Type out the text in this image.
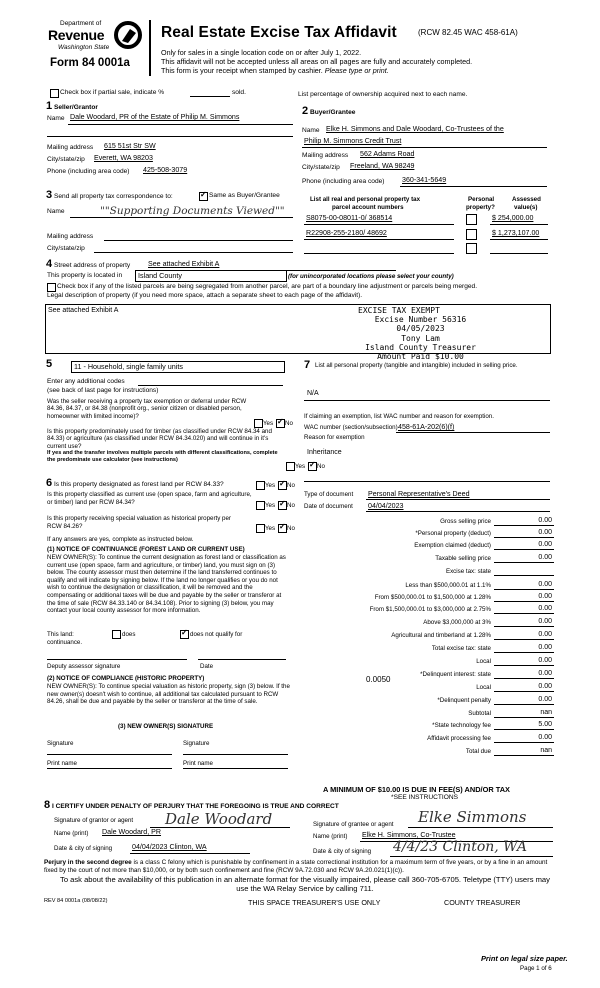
Department of
Revenue
Washington State
Form 84 0001a
Real Estate Excise Tax Affidavit	(RCW 82.45 WAC 458-61A)
Only for sales in a single location code on or after July 1, 2022.
This affidavit will not be accepted unless all areas on all pages are fully and accurately completed.
This form is your receipt when stamped by cashier. Please type or print.
Check box if partial sale, indicate %	sold.	List percentage of ownership acquired next to each name.
1 Seller/Grantor
Name Dale Woodard, PR of the Estate of Philip M. Simmons
Mailing address 615 51st Str SW
City/state/zip Everett, WA 98203
Phone (including area code) 425-508-3079
2 Buyer/Grantee
Name Elke H. Simmons and Dale Woodard, Co-Trustees of the
Philip M. Simmons Credit Trust
Mailing address 562 Adams Road
City/state/zip Freeland, WA 98249
Phone (including area code) 360-341-5649
3 Send all property tax correspondence to: ✓	Same as Buyer/Grantee
Name	""Supporting Documents Viewed""
Mailing address
City/state/zip
List all real and personal property tax
parcel account numbers
Personal
property?
Assessed
value(s)
S8075-00-08011-0/ 368514	$ 254,000.00
R22908-255-2180/ 48692	$ 1,273,107.00
4 Street address of property	See attached Exhibit A
This property is located in	Island County	(for unincorporated locations please select your county)
Check box if any of the listed parcels are being segregated from another parcel, are part of a boundary line adjustment or parcels being merged.
Legal description of property (if you need more space, attach a separate sheet to each page of the affidavit).
See attached Exhibit A	EXCISE TAX EXEMPT
Excise Number 56316
04/05/2023
Tony Lam
Island County Treasurer
Amount Paid $10.00
5	11 - Household, single family units
Enter any additional codes
(see back of last page for instructions)
Was the seller receiving a property tax exemption or deferral under RCW 84.36, 84.37, or 84.38 (nonprofit org., senior citizen or disabled person, homeowner with limited income)?
Yes ✓ No
Is this property predominately used for timber (as classified under RCW 84.34 and 84.33) or agriculture (as classified under RCW 84.34.020) and will continue in it's current use?
If yes and the transfer involves multiple parcels with different classifications, complete the predominate use calculator (see instructions)
Yes ✓ No
6 Is this property designated as forest land per RCW 84.33?	Yes ✓ No
Is this property classified as current use (open space, farm and agriculture, or timber) land per RCW 84.34?	Yes ✓ No
Is this property receiving special valuation as historical property per RCW 84.26?	Yes ✓ No
If any answers are yes, complete as instructed below.
(1) NOTICE OF CONTINUANCE (FOREST LAND OR CURRENT USE)
NEW OWNER(S): To continue the current designation as forest land or classification as current use (open space, farm and agriculture, or timber) land, you must sign on (3) below. The county assessor must then determine if the land transferred continues to qualify and will indicate by signing below. If the land no longer qualifies or you do not wish to continue the designation or classification, it will be removed and the compensating or additional taxes will be due and payable by the seller or transferor at the time of sale (RCW 84.33.140 or 84.34.108). Prior to signing (3) below, you may contact your local county assessor for more information.
This land:	does ✓	does not qualify for
continuance.
Deputy assessor signature	Date
(2) NOTICE OF COMPLIANCE (HISTORIC PROPERTY)
NEW OWNER(S): To continue special valuation as historic property, sign (3) below. If the new owner(s) doesn't wish to continue, all additional tax calculated pursuant to RCW 84.26, shall be due and payable by the seller or transferor at the time of sale.
(3) NEW OWNER(S) SIGNATURE
Signature	Signature
Print name	Print name
7 List all personal property (tangible and intangible) included in selling price.
N/A
If claiming an exemption, list WAC number and reason for exemption.
WAC number (section/subsection) 458-61A-202(6)(f)
Reason for exemption
Inheritance
Type of document Personal Representative's Deed
Date of document 04/04/2023
Gross selling price	0.00
*Personal property (deduct)	0.00
Exemption claimed (deduct)	0.00
Taxable selling price	0.00
Excise tax: state
Less than $500,000.01 at 1.1%	0.00
From $500,000.01 to $1,500,000 at 1.28%	0.00
From $1,500,000.01 to $3,000,000 at 2.75%	0.00
Above $3,000,000 at 3%	0.00
Agricultural and timberland at 1.28%	0.00
Total excise tax: state	0.00
Local	0.00
*Delinquent interest: state	0.00
Local	0.00
*Delinquent penalty	0.00
Subtotal	nan
*State technology fee	5.00
Affidavit processing fee	0.00
Total due	nan
0.0050
A MINIMUM OF $10.00 IS DUE IN FEE(S) AND/OR TAX
*SEE INSTRUCTIONS
8 I CERTIFY UNDER PENALTY OF PERJURY THAT THE FOREGOING IS TRUE AND CORRECT
Signature of grantor or agent Dale Woodard
Name (print) Dale Woodard, PR
Date & city of signing	04/04/2023 Clinton, WA
Signature of grantee or agent Elke Simmons
Name (print) Elke H. Simmons, Co-Trustee
Date & city of signing 4/4/23 Clinton, WA
Perjury in the second degree is a class C felony which is punishable by confinement in a state correctional institution for a maximum term of five years, or by a fine in an amount fixed by the court of not more than $10,000, or by both such confinement and fine (RCW 9A.72.030 and RCW 9A.20.021(1)(c)).
To ask about the availability of this publication in an alternate format for the visually impaired, please call 360-705-6705. Teletype (TTY) users may use the WA Relay Service by calling 711.
REV 84 0001a (08/08/22)	THIS SPACE TREASURER'S USE ONLY	COUNTY TREASURER
Print on legal size paper.
Page 1 of 6
